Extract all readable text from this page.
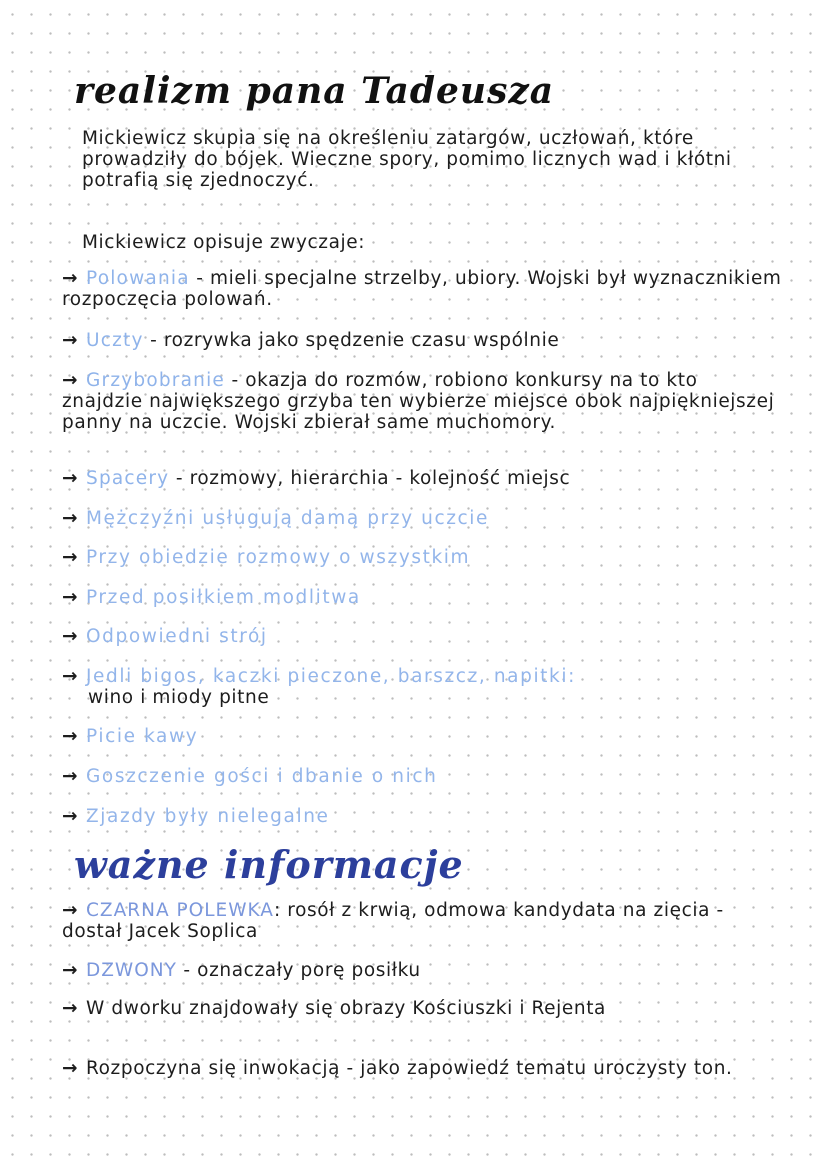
realizm pana Tadeusza
Mickiewicz skupia się na określeniu zatargów, uczłowań, które prowadziły do bójek. Wieczne spory, pomimo licznych wad i kłótni potrafią się zjednoczyć.
Mickiewicz opisuje zwyczaje:
→ Polowania - mieli specjalne strzelby, ubiory. Wojski był wyznacznikiem rozpoczęcia polowań.
→ Uczty - rozrywka jako spędzenie czasu wspólnie
→ Grzybobranie - okazja do rozmów, robiono konkursy na to kto znajdzie największego grzyba ten wybierze miejsce obok najpiękniejszej panny na uczcie. Wojski zbierał same muchomory.
→ Spacery - rozmowy, hierarchia - kolejność miejsc
→ Mężczyźni usługują damą przy uczcie
→ Przy obiedzie rozmowy o wszystkim
→ Przed posiłkiem modlitwa
→ Odpowiedni strój
→ Jedli bigos, kaczki pieczone, barszcz, napitki:
wino i miody pitne
→ Picie kawy
→ Goszczenie gości i dbanie o nich
→ Zjazdy były nielegalne
ważne informacje
→ CZARNA POLEWKA: rosół z krwią, odmowa kandydata na zięcia - dostał Jacek Soplica
→ DZWONY - oznaczały porę posiłku
→ W dworku znajdowały się obrazy Kościuszki i Rejenta
→ Rozpoczyna się inwokacją - jako zapowiedź tematu uroczysty ton.
